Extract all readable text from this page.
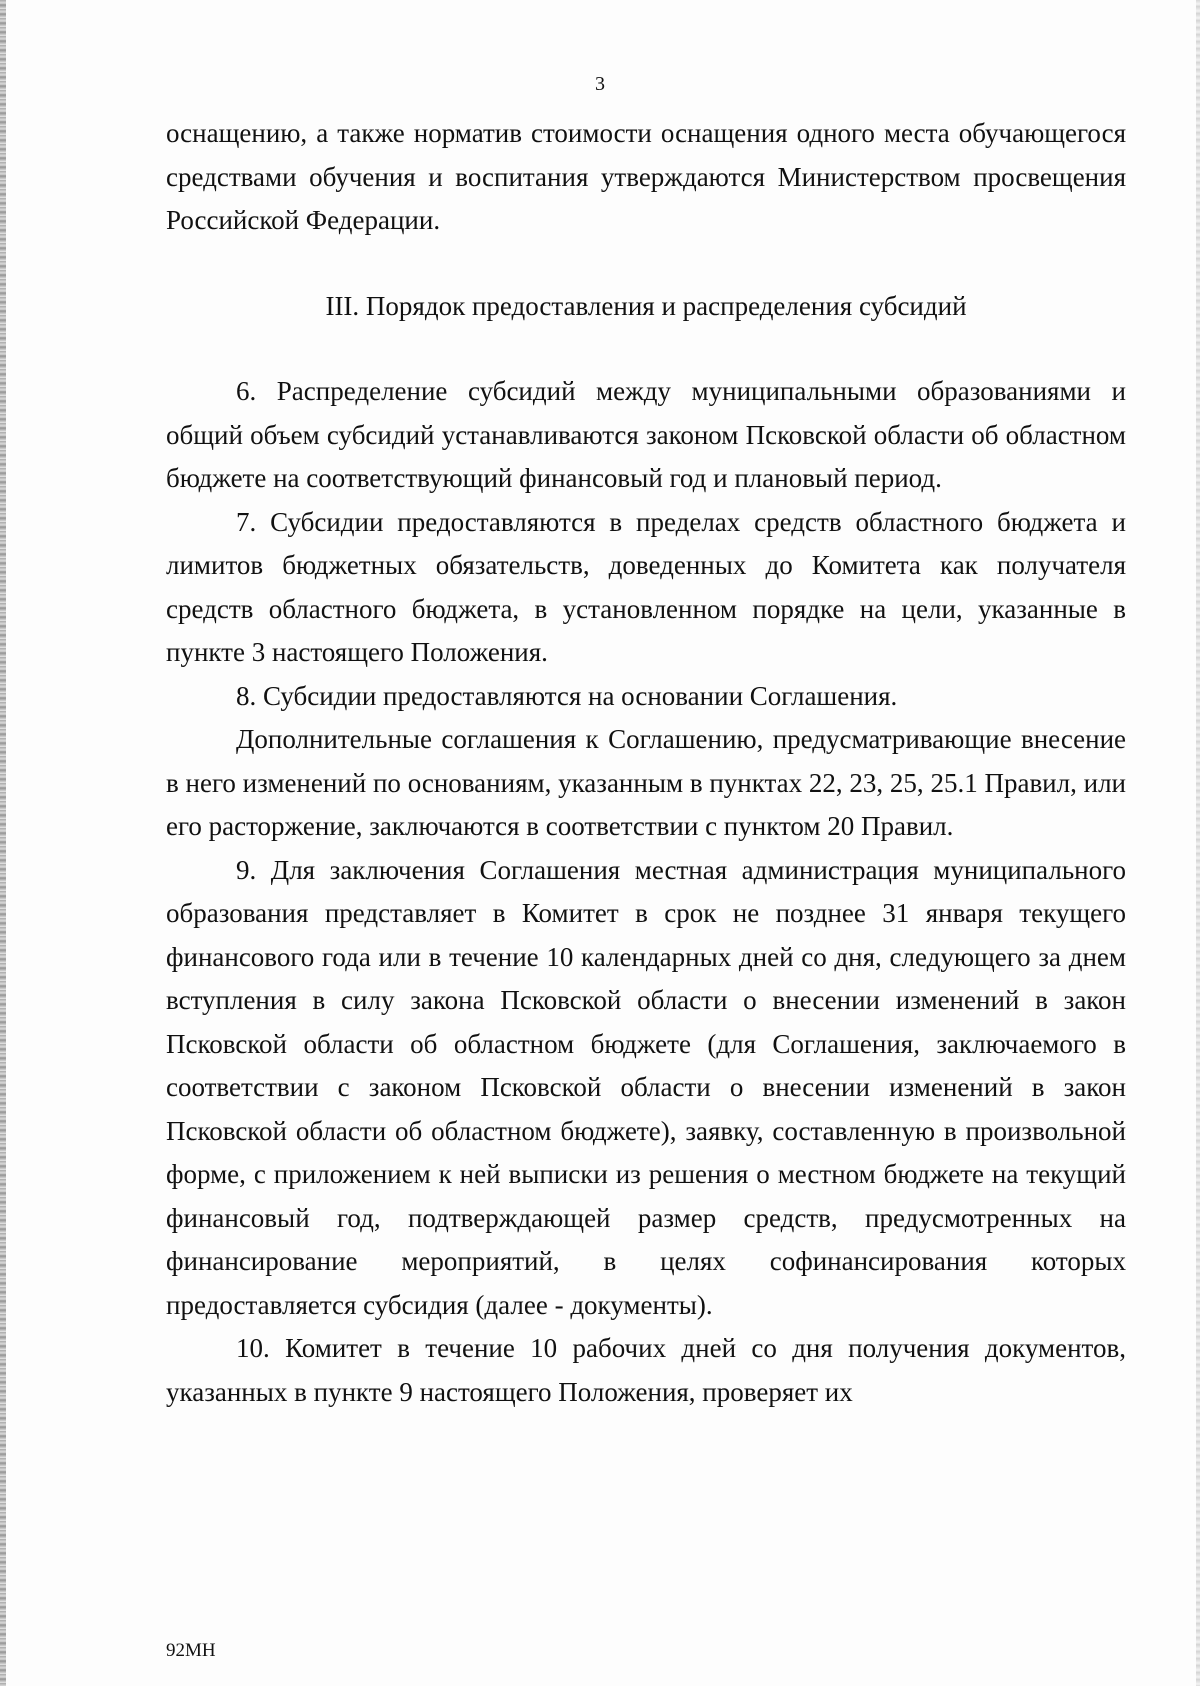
3

оснащению, а также норматив стоимости оснащения одного места обучающегося средствами обучения и воспитания утверждаются Министерством просвещения Российской Федерации.

III. Порядок предоставления и распределения субсидий

6. Распределение субсидий между муниципальными образованиями и общий объем субсидий устанавливаются законом Псковской области об областном бюджете на соответствующий финансовый год и плановый период.

7. Субсидии предоставляются в пределах средств областного бюджета и лимитов бюджетных обязательств, доведенных до Комитета как получателя средств областного бюджета, в установленном порядке на цели, указанные в пункте 3 настоящего Положения.

8. Субсидии предоставляются на основании Соглашения.

Дополнительные соглашения к Соглашению, предусматривающие внесение в него изменений по основаниям, указанным в пунктах 22, 23, 25, 25.1 Правил, или его расторжение, заключаются в соответствии с пунктом 20 Правил.

9. Для заключения Соглашения местная администрация муниципального образования представляет в Комитет в срок не позднее 31 января текущего финансового года или в течение 10 календарных дней со дня, следующего за днем вступления в силу закона Псковской области о внесении изменений в закон Псковской области об областном бюджете (для Соглашения, заключаемого в соответствии с законом Псковской области о внесении изменений в закон Псковской области об областном бюджете), заявку, составленную в произвольной форме, с приложением к ней выписки из решения о местном бюджете на текущий финансовый год, подтверждающей размер средств, предусмотренных на финансирование мероприятий, в целях софинансирования которых предоставляется субсидия (далее - документы).

10. Комитет в течение 10 рабочих дней со дня получения документов, указанных в пункте 9 настоящего Положения, проверяет их

92МН
